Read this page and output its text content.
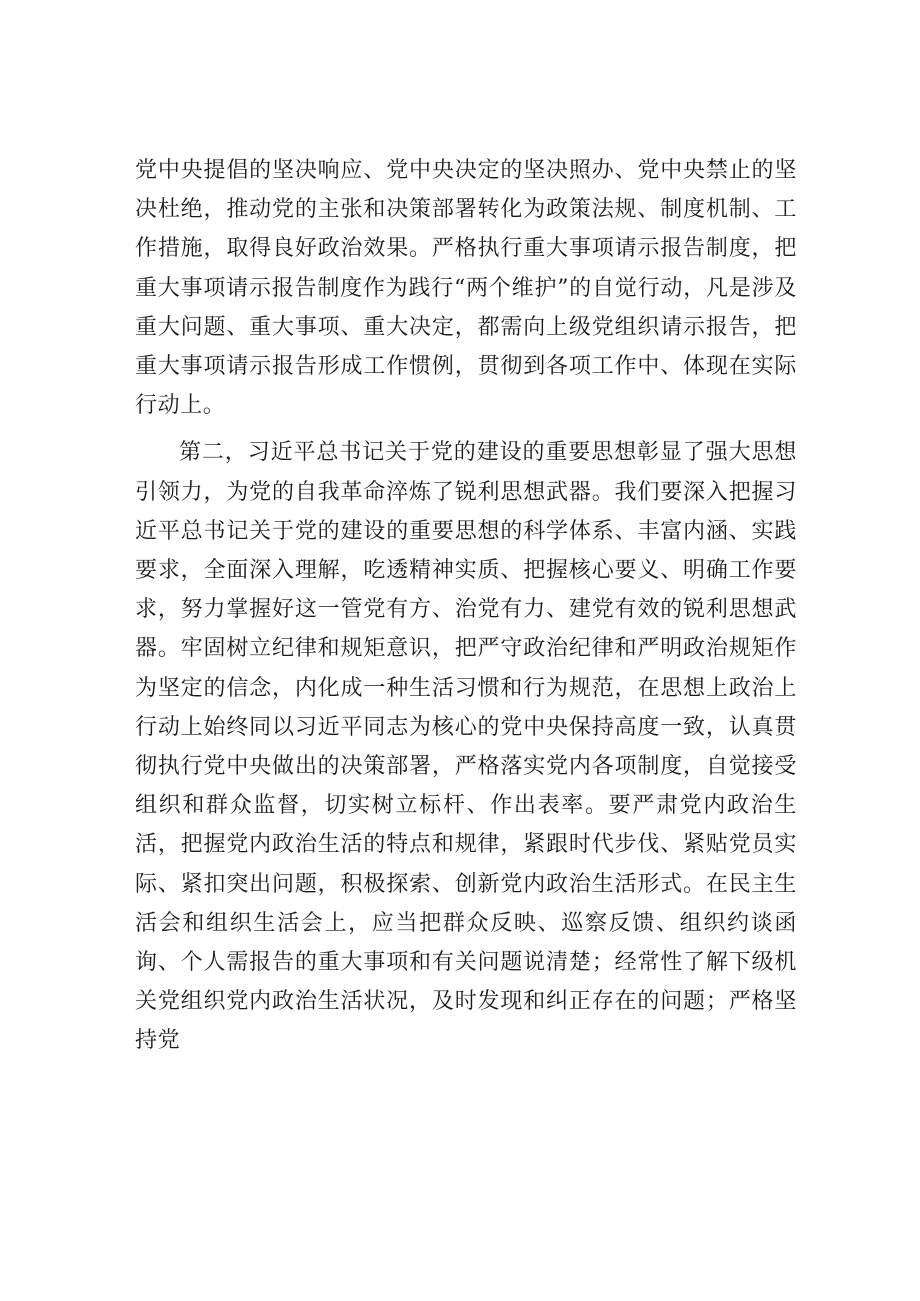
党中央提倡的坚决响应、党中央决定的坚决照办、党中央禁止的坚决杜绝，推动党的主张和决策部署转化为政策法规、制度机制、工作措施，取得良好政治效果。严格执行重大事项请示报告制度，把重大事项请示报告制度作为践行“两个维护”的自觉行动，凡是涉及重大问题、重大事项、重大决定，都需向上级党组织请示报告，把重大事项请示报告形成工作惯例，贯彻到各项工作中、体现在实际行动上。

第二，习近平总书记关于党的建设的重要思想彰显了强大思想引领力，为党的自我革命淬炼了锐利思想武器。我们要深入把握习近平总书记关于党的建设的重要思想的科学体系、丰富内涵、实践要求，全面深入理解，吃透精神实质、把握核心要义、明确工作要求，努力掌握好这一管党有方、治党有力、建党有效的锐利思想武器。牢固树立纪律和规矩意识，把严守政治纪律和严明政治规矩作为坚定的信念，内化成一种生活习惯和行为规范，在思想上政治上行动上始终同以习近平同志为核心的党中央保持高度一致，认真贯彻执行党中央做出的决策部署，严格落实党内各项制度，自觉接受组织和群众监督，切实树立标杆、作出表率。要严肃党内政治生活，把握党内政治生活的特点和规律，紧跟时代步伐、紧贴党员实际、紧扣突出问题，积极探索、创新党内政治生活形式。在民主生活会和组织生活会上，应当把群众反映、巡察反馈、组织约谈函询、个人需报告的重大事项和有关问题说清楚；经常性了解下级机关党组织党内政治生活状况，及时发现和纠正存在的问题；严格坚持党
